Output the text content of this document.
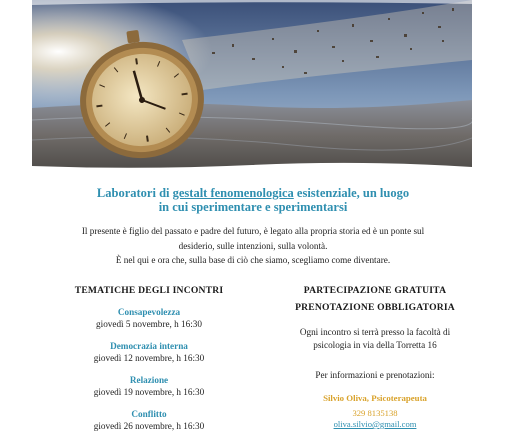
Laboratori di gestalt fenomenologica esistenziale, un luogo
in cui sperimentare e sperimentarsi
Il presente è figlio del passato e padre del futuro, è legato alla propria storia ed è un ponte sul
desiderio, sulle intenzioni, sulla volontà.
È nel qui e ora che, sulla base di ciò che siamo, scegliamo come diventare.
TEMATICHE DEGLI INCONTRI
Consapevolezza
giovedì 5 novembre, h 16:30
Democrazia interna
giovedì 12 novembre, h 16:30
Relazione
giovedì 19 novembre, h 16:30
Conflitto
giovedì 26 novembre, h 16:30
PARTECIPAZIONE GRATUITA
PRENOTAZIONE OBBLIGATORIA
Ogni incontro si terrà presso la facoltà di
psicologia in via della Torretta 16
Per informazioni e prenotazioni:
Silvio Oliva, Psicoterapeuta
329 8135138
oliva.silvio@gmail.com
